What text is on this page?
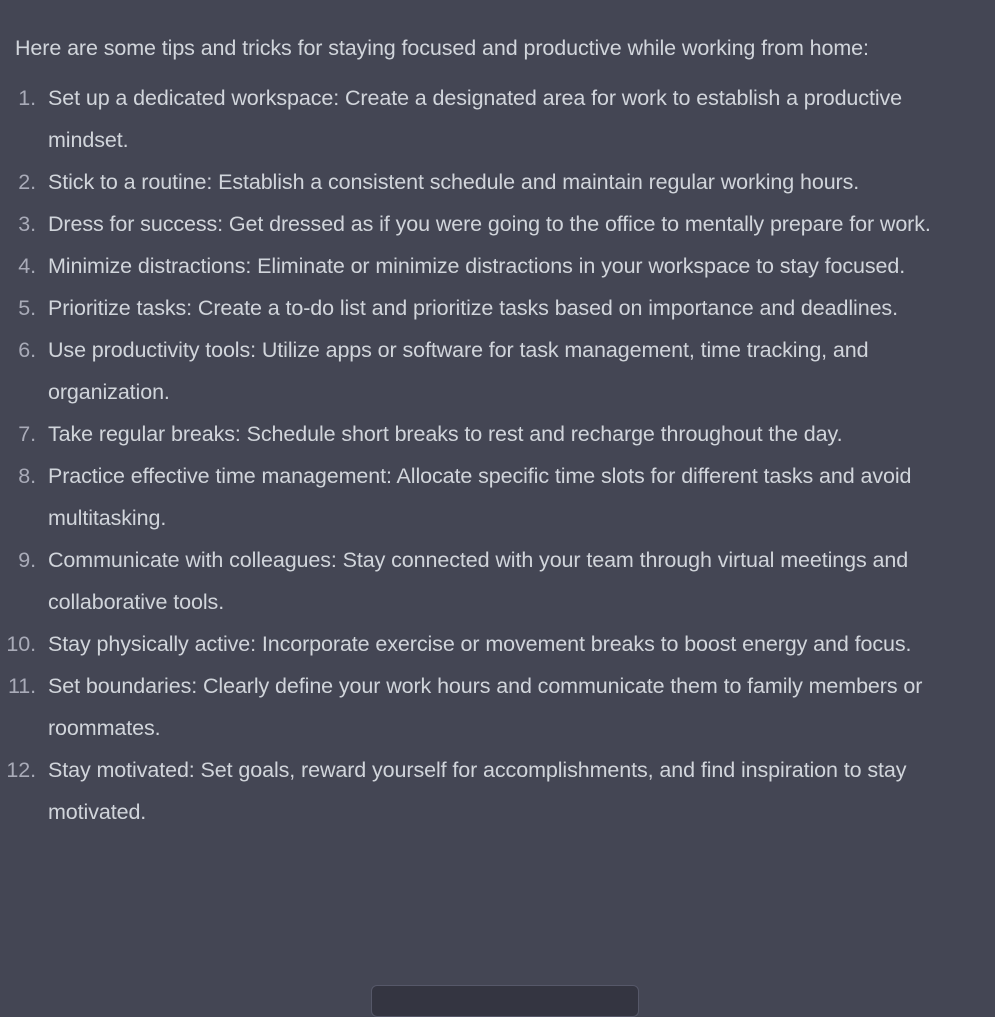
Here are some tips and tricks for staying focused and productive while working from home:

1. Set up a dedicated workspace: Create a designated area for work to establish a productive mindset.
2. Stick to a routine: Establish a consistent schedule and maintain regular working hours.
3. Dress for success: Get dressed as if you were going to the office to mentally prepare for work.
4. Minimize distractions: Eliminate or minimize distractions in your workspace to stay focused.
5. Prioritize tasks: Create a to-do list and prioritize tasks based on importance and deadlines.
6. Use productivity tools: Utilize apps or software for task management, time tracking, and organization.
7. Take regular breaks: Schedule short breaks to rest and recharge throughout the day.
8. Practice effective time management: Allocate specific time slots for different tasks and avoid multitasking.
9. Communicate with colleagues: Stay connected with your team through virtual meetings and collaborative tools.
10. Stay physically active: Incorporate exercise or movement breaks to boost energy and focus.
11. Set boundaries: Clearly define your work hours and communicate them to family members or roommates.
12. Stay motivated: Set goals, reward yourself for accomplishments, and find inspiration to stay motivated.
